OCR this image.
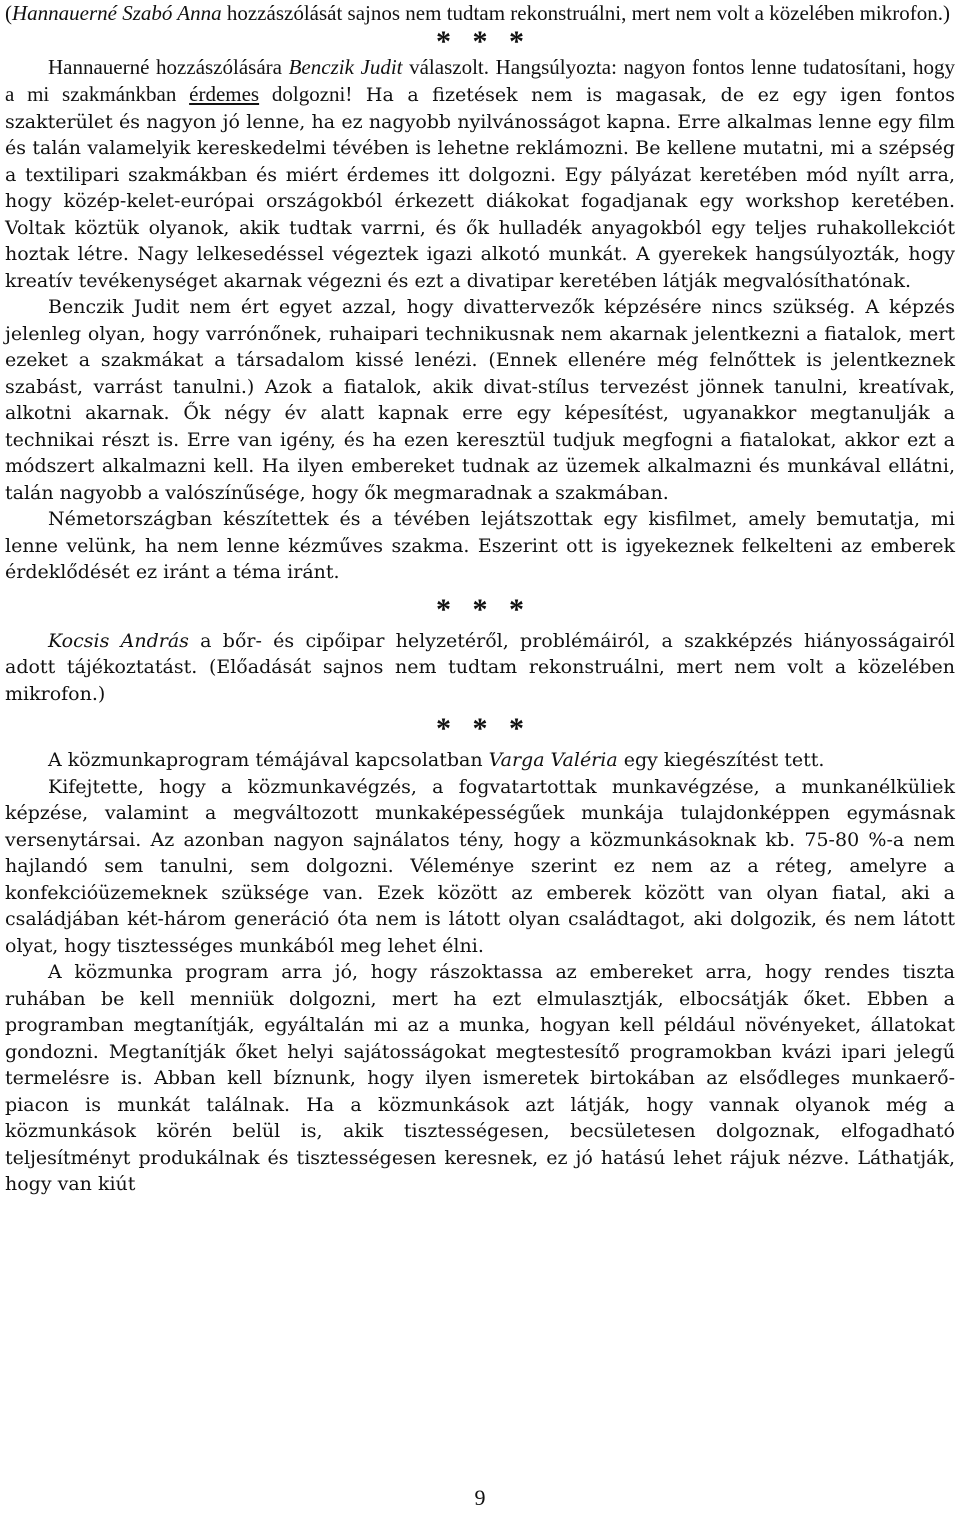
(Hannauerné Szabó Anna hozzászólását sajnos nem tudtam rekonstruálni, mert nem volt a közelében mikrofon.)

* * *

Hannauerné hozzászólására Benczik Judit válaszolt. Hangsúlyozta: nagyon fontos lenne tudatosítani, hogy a mi szakmánkban érdemes dolgozni! Ha a fizetések nem is magasak, de ez egy igen fontos szakterület és nagyon jó lenne, ha ez nagyobb nyilvánosságot kapna. Erre alkalmas lenne egy film és talán valamelyik kereskedelmi tévében is lehetne reklámozni. Be kellene mutatni, mi a szépség a textilipari szakmákban és miért érdemes itt dolgozni. Egy pályázat keretében mód nyílt arra, hogy közép-kelet-európai országokból érkezett diákokat fogadjanak egy workshop keretében. Voltak köztük olyanok, akik tudtak varrni, és ők hulladék anyagokból egy teljes ruhakollekciót hoztak létre. Nagy lelkesedéssel végeztek igazi alkotó munkát. A gyerekek hangsúlyozták, hogy kreatív tevékenységet akarnak végezni és ezt a divatipar keretében látják megvalósíthatónak.

Benczik Judit nem ért egyet azzal, hogy divattervezők képzésére nincs szükség. A képzés jelenleg olyan, hogy varrónőnek, ruhaipari technikusnak nem akarnak jelentkezni a fiatalok, mert ezeket a szakmákat a társadalom kissé lenézi. (Ennek ellenére még felnőttek is jelentkeznek szabást, varrást tanulni.) Azok a fiatalok, akik divat-stílus tervezést jönnek tanulni, kreatívak, alkotni akarnak. Ők négy év alatt kapnak erre egy képesítést, ugyanakkor megtanulják a technikai részt is. Erre van igény, és ha ezen keresztül tudjuk megfogni a fiatalokat, akkor ezt a módszert alkalmazni kell. Ha ilyen embereket tudnak az üzemek alkalmazni és munkával ellátni, talán nagyobb a valószínűsége, hogy ők megmaradnak a szakmában.

Németországban készítettek és a tévében lejátszottak egy kisfilmet, amely bemutatja, mi lenne velünk, ha nem lenne kézműves szakma. Eszerint ott is igyekeznek felkelteni az emberek érdeklődését ez iránt a téma iránt.

* * *

Kocsis András a bőr- és cipőipar helyzetéről, problémáiról, a szakképzés hiányosságairól adott tájékoztatást. (Előadását sajnos nem tudtam rekonstruálni, mert nem volt a közelében mikrofon.)

* * *

A közmunkaprogram témájával kapcsolatban Varga Valéria egy kiegészítést tett.

Kifejtette, hogy a közmunkavégzés, a fogvatartottak munkavégzése, a munkanélküliek képzése, valamint a megváltozott munkaképességűek munkája tulajdonképpen egymásnak versenytársai. Az azonban nagyon sajnálatos tény, hogy a közmunkásoknak kb. 75-80 %-a nem hajlandó sem tanulni, sem dolgozni. Véleménye szerint ez nem az a réteg, amelyre a konfekcióüzemeknek szüksége van. Ezek között az emberek között van olyan fiatal, aki a családjában két-három generáció óta nem is látott olyan családtagot, aki dolgozik, és nem látott olyat, hogy tisztességes munkából meg lehet élni.

A közmunka program arra jó, hogy rászoktassa az embereket arra, hogy rendes tiszta ruhában be kell menniük dolgozni, mert ha ezt elmulasztják, elbocsátják őket. Ebben a programban megtanítják, egyáltalán mi az a munka, hogyan kell például növényeket, állatokat gondozni. Megtanítják őket helyi sajátosságokat megtestesítő programokban kvázi ipari jelegű termelésre is. Abban kell bíznunk, hogy ilyen ismeretek birtokában az elsődleges munkaerő-piacon is munkát találnak. Ha a közmunkások azt látják, hogy vannak olyanok még a közmunkások körén belül is, akik tisztességesen, becsületesen dolgoznak, elfogadható teljesítményt produkálnak és tisztességesen keresnek, ez jó hatású lehet rájuk nézve. Láthatják, hogy van kiút

9
